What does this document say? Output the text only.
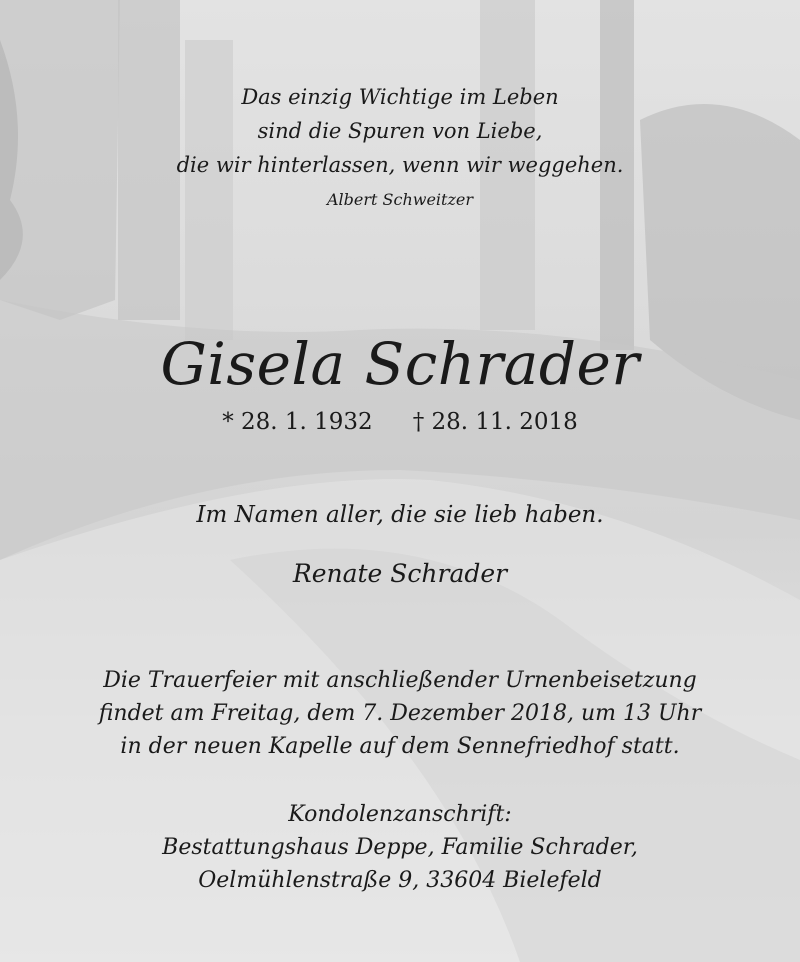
Das einzig Wichtige im Leben
sind die Spuren von Liebe,
die wir hinterlassen, wenn wir weggehen.
Albert Schweitzer
Gisela Schrader
* 28. 1. 1932 † 28. 11. 2018
Im Namen aller, die sie lieb haben.
Renate Schrader
Die Trauerfeier mit anschließender Urnenbeisetzung
findet am Freitag, dem 7. Dezember 2018, um 13 Uhr
in der neuen Kapelle auf dem Sennefriedhof statt.
Kondolenzanschrift:
Bestattungshaus Deppe, Familie Schrader,
Oelmühlenstraße 9, 33604 Bielefeld
